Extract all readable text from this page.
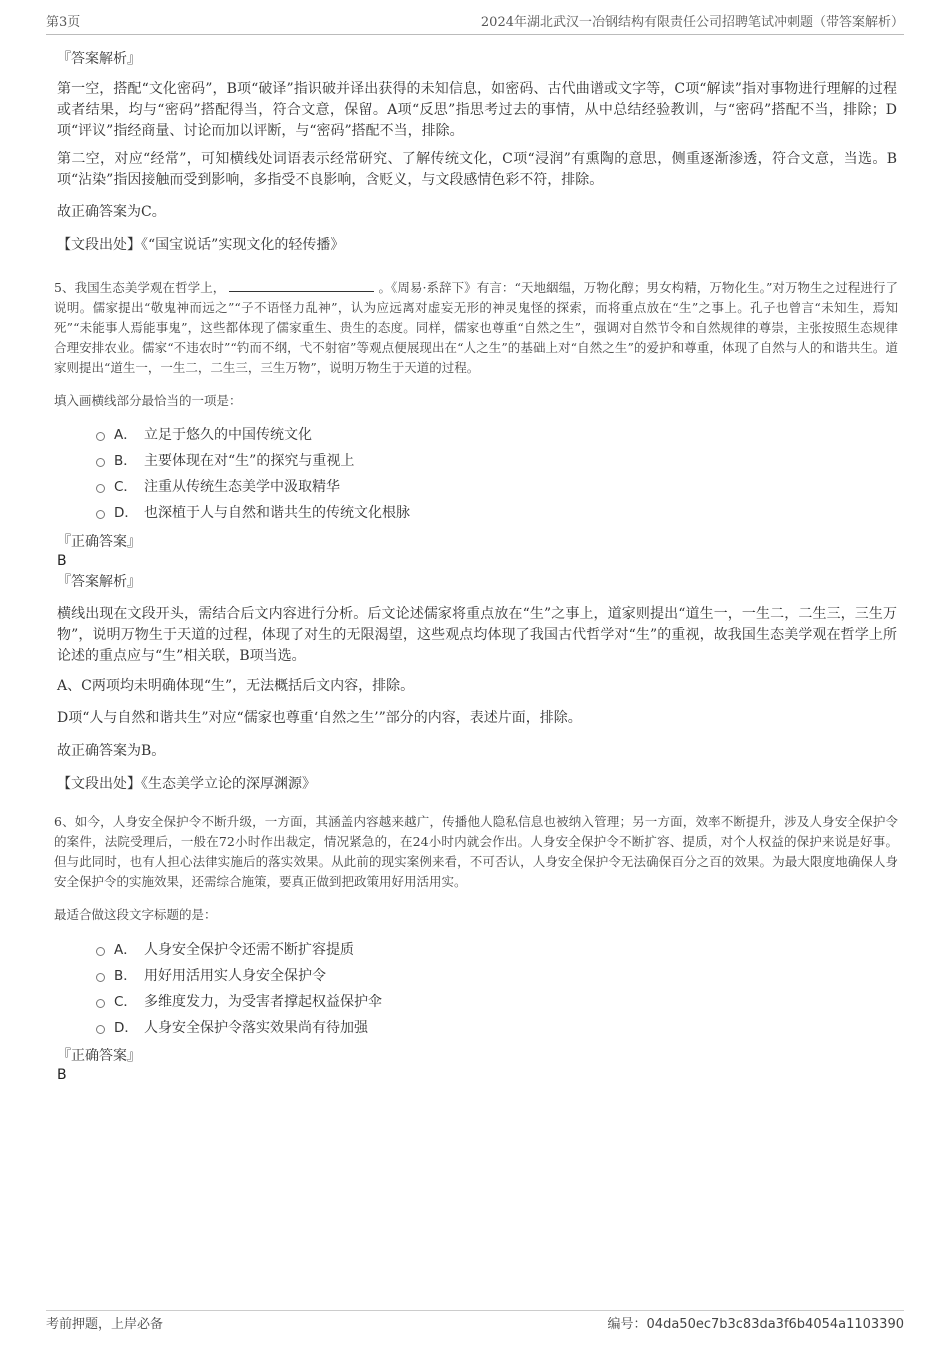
第3页	2024年湖北武汉一冶钢结构有限责任公司招聘笔试冲刺题（带答案解析）
『答案解析』
第一空，搭配“文化密码”，B项“破译”指识破并译出获得的未知信息，如密码、古代曲谱或文字等，C项“解读”指对事物进行理解的过程或者结果，均与“密码”搭配得当，符合文意，保留。A项“反思”指思考过去的事情，从中总结经验教训，与“密码”搭配不当，排除；D项“评议”指经商量、讨论而加以评断，与“密码”搭配不当，排除。
第二空，对应“经常”，可知横线处词语表示经常研究、了解传统文化，C项“浸润”有熏陶的意思，侧重逐渐渗透，符合文意，当选。B项“沾染”指因接触而受到影响，多指受不良影响，含贬义，与文段感情色彩不符，排除。
故正确答案为C。
【文段出处】《“国宝说话”实现文化的轻传播》
5、我国生态美学观在哲学上，	。《周易·系辞下》有言：“天地絪缊，万物化醇；男女构精，万物化生。”对万物生之过程进行了说明。儒家提出“敬鬼神而远之”“子不语怪力乱神”，认为应远离对虚妄无形的神灵鬼怪的探索，而将重点放在“生”之事上。孔子也曾言“未知生，焉知死”“未能事人焉能事鬼”，这些都体现了儒家重生、贵生的态度。同样，儒家也尊重“自然之生”，强调对自然节令和自然规律的尊崇，主张按照生态规律合理安排农业。儒家“不违农时”“钓而不纲，弋不射宿”等观点便展现出在“人之生”的基础上对“自然之生”的爱护和尊重，体现了自然与人的和谐共生。道家则提出“道生一，一生二，二生三，三生万物”，说明万物生于天道的过程。
填入画横线部分最恰当的一项是：
A． 立足于悠久的中国传统文化
B． 主要体现在对“生”的探究与重视上
C． 注重从传统生态美学中汲取精华
D． 也深植于人与自然和谐共生的传统文化根脉
『正确答案』
B
『答案解析』
横线出现在文段开头，需结合后文内容进行分析。后文论述儒家将重点放在“生”之事上，道家则提出“道生一，一生二，二生三，三生万物”，说明万物生于天道的过程，体现了对生的无限渴望，这些观点均体现了我国古代哲学对“生”的重视，故我国生态美学观在哲学上所论述的重点应与“生”相关联，B项当选。
A、C两项均未明确体现“生”，无法概括后文内容，排除。
D项“人与自然和谐共生”对应“儒家也尊重‘自然之生’”部分的内容，表述片面，排除。
故正确答案为B。
【文段出处】《生态美学立论的深厚渊源》
6、如今，人身安全保护令不断升级，一方面，其涵盖内容越来越广，传播他人隐私信息也被纳入管理；另一方面，效率不断提升，涉及人身安全保护令的案件，法院受理后，一般在72小时作出裁定，情况紧急的，在24小时内就会作出。人身安全保护令不断扩容、提质，对个人权益的保护来说是好事。但与此同时，也有人担心法律实施后的落实效果。从此前的现实案例来看，不可否认，人身安全保护令无法确保百分之百的效果。为最大限度地确保人身安全保护令的实施效果，还需综合施策，要真正做到把政策用好用活用实。
最适合做这段文字标题的是：
A． 人身安全保护令还需不断扩容提质
B． 用好用活用实人身安全保护令
C． 多维度发力，为受害者撑起权益保护伞
D． 人身安全保护令落实效果尚有待加强
『正确答案』
B
考前押题，上岸必备	编号：04da50ec7b3c83da3f6b4054a1103390
